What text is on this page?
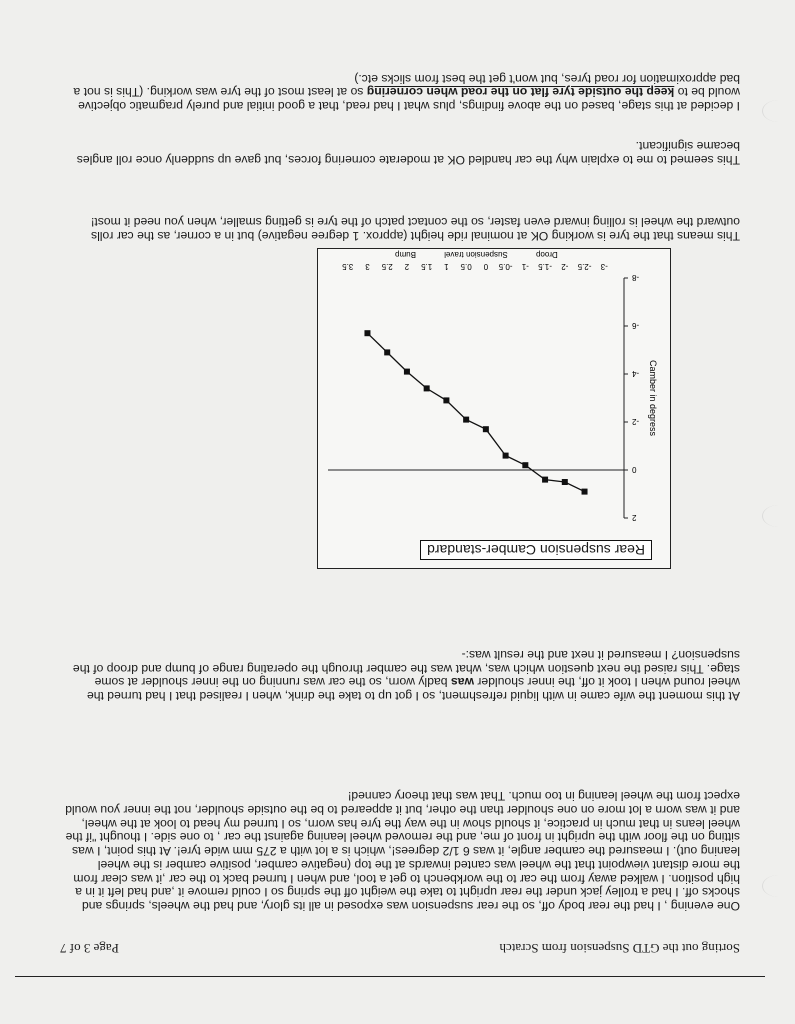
Sorting out the GTD Suspension from Scratch
Page 3 of 7

One evening , I had the rear body off, so the rear suspension was exposed in all its glory, and had the wheels, springs and shocks off. I had a trolley jack under the rear upright to take the weight off the spring so I could remove it ,and had left it in a high position. I walked away from the car to the workbench to get a tool, and when I turned back to the car ,it was clear from the more distant viewpoint that the wheel was canted inwards at the top (negative camber, positive camber is the wheel leaning out). I measured the camber angle, it was 6 1/2 degrees!, which is a lot with a 275 mm wide tyre!. At this point, I was sitting on the floor with the upright in front of me, and the removed wheel leaning against the car , to one side. I thought "if the wheel leans in that much in practice, it should show in the way the tyre has worn, so I turned my head to look at the wheel, and it was worn a lot more on one shoulder than the other, but it appeared to be the outside shoulder, not the inner you would expect from the wheel leaning in too much. That was that theory canned!

At this moment the wife came in with liquid refreshment, so I got up to take the drink, when I realised that I had turned the wheel round when I took it off, the inner shoulder was badly worn, so the car was running on the inner shoulder at some stage. This raised the next question which was, what was the camber through the operating range of bump and droop of the suspension? I measured it next and the result was:-

2
0
-2
-4
-6
-8
-3
-2.5
-2
-1.5
-1
-0.5
0
0.5
1
1.5
2
2.5
3
3.5
Camber in degress
Suspension travel	Droop
Bump
Rear suspension Camber-standard

This means that the tyre is working OK at nominal ride height (approx. 1 degree negative) but in a corner, as the car rolls outward the wheel is rolling inward even faster, so the contact patch of the tyre is getting smaller, when you need it most!

This seemed to me to explain why the car handled OK at moderate cornering forces, but gave up suddenly once roll angles became significant.

I decided at this stage, based on the above findings, plus what I had read, that a good initial and purely pragmatic objective would be to keep the outside tyre flat on the road when cornering so at least most of the tyre was working. (This is not a bad approximation for road tyres, but won't get the best from slicks etc.)
